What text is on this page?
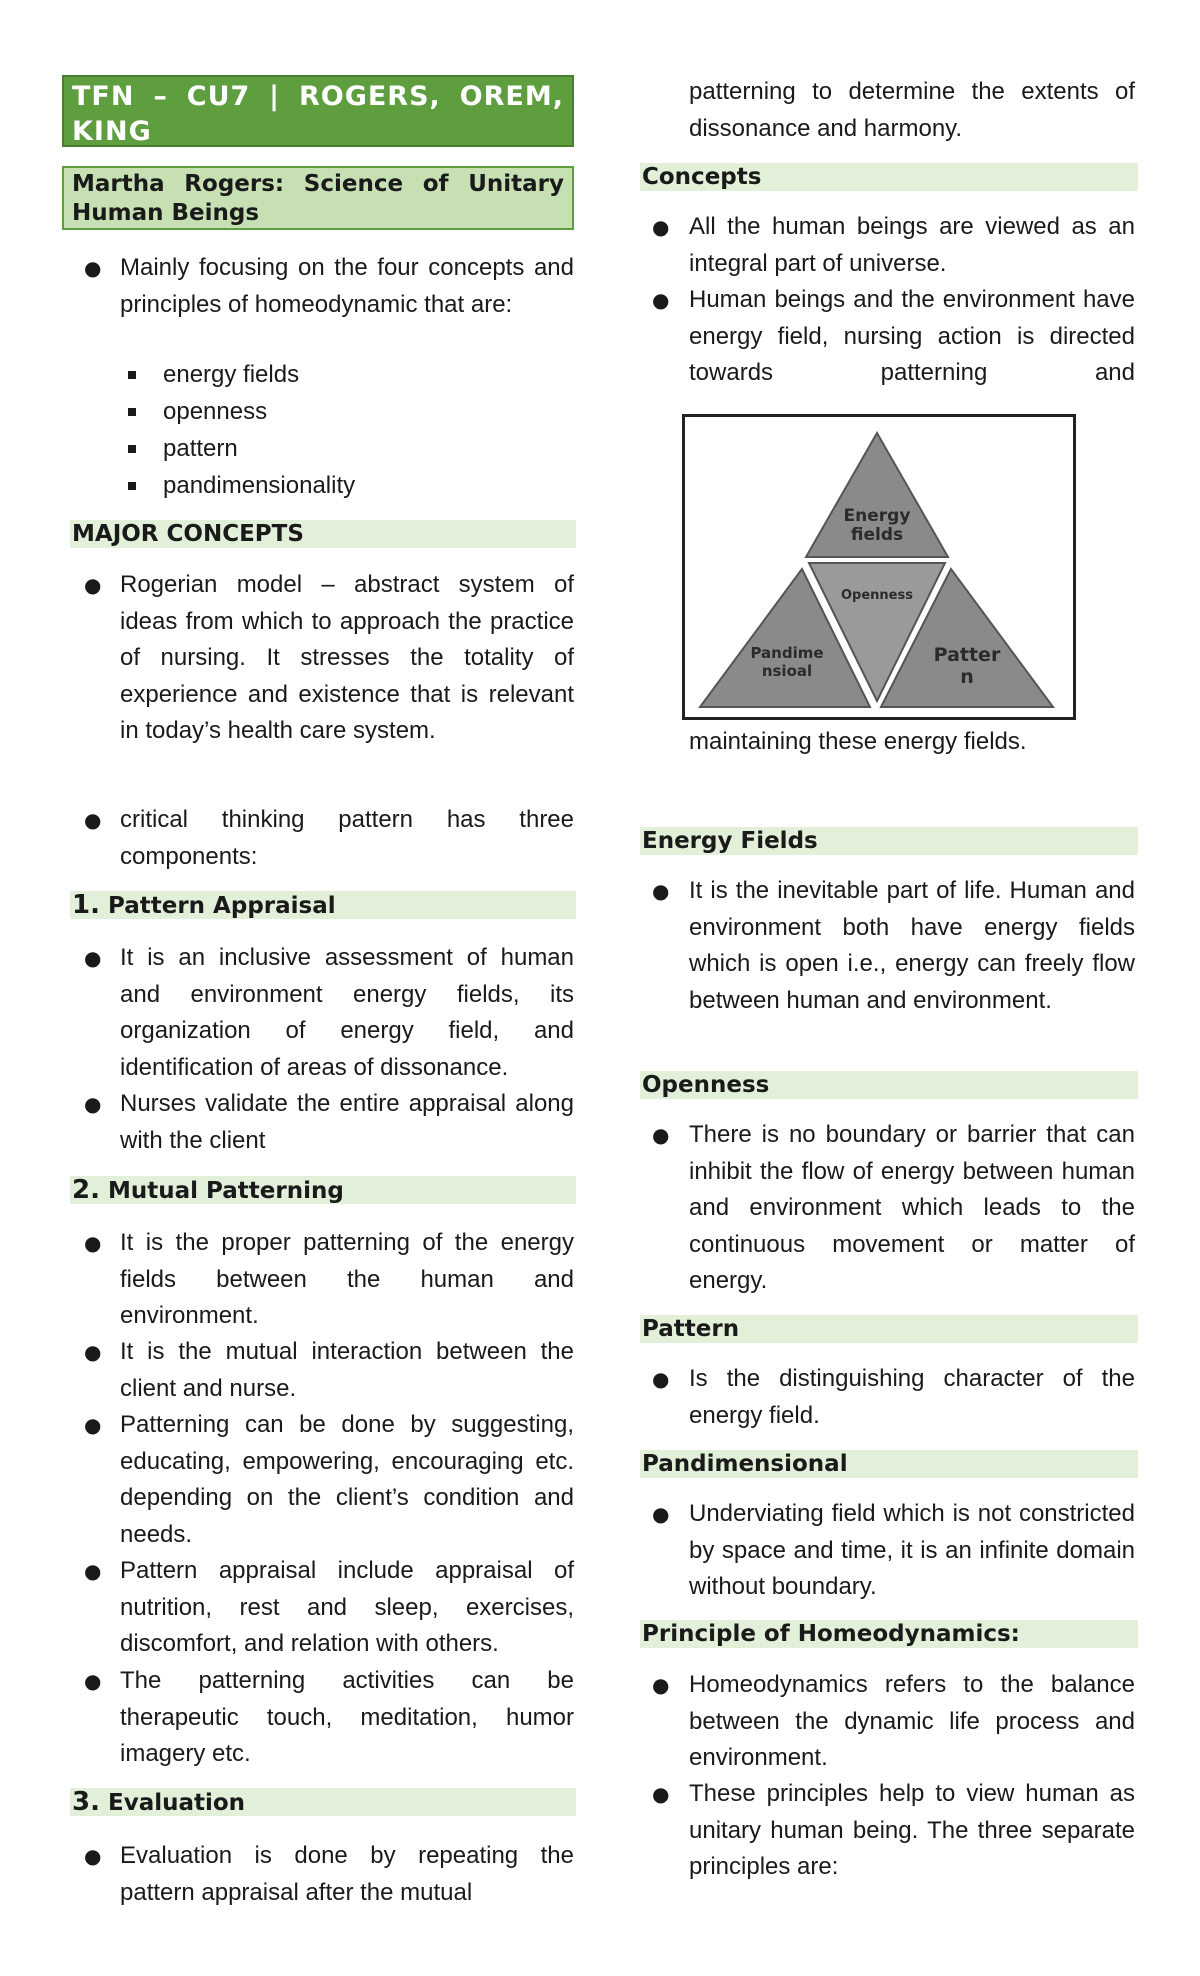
TFN – CU7 | ROGERS, OREM,
KING
Martha Rogers: Science of Unitary
Human Beings
● Mainly focusing on the four concepts and principles of homeodynamic that are:
energy fields
openness
pattern
pandimensionality
MAJOR CONCEPTS
● Rogerian model – abstract system of ideas from which to approach the practice of nursing. It stresses the totality of experience and existence that is relevant in today’s health care system.
● critical thinking pattern has three components:
1. Pattern Appraisal
● It is an inclusive assessment of human and environment energy fields, its organization of energy field, and identification of areas of dissonance.
● Nurses validate the entire appraisal along with the client
2. Mutual Patterning
● It is the proper patterning of the energy fields between the human and environment.
● It is the mutual interaction between the client and nurse.
● Patterning can be done by suggesting, educating, empowering, encouraging etc. depending on the client’s condition and needs.
● Pattern appraisal include appraisal of nutrition, rest and sleep, exercises, discomfort, and relation with others.
● The patterning activities can be therapeutic touch, meditation, humor imagery etc.
3. Evaluation
● Evaluation is done by repeating the pattern appraisal after the mutual
patterning to determine the extents of dissonance and harmony.
Concepts
● All the human beings are viewed as an integral part of universe.
● Human beings and the environment have energy field, nursing action is directed towards patterning and
Energy fields
Openness
Pandime nsioal
Patter n
maintaining these energy fields.
Energy Fields
● It is the inevitable part of life. Human and environment both have energy fields which is open i.e., energy can freely flow between human and environment.
Openness
● There is no boundary or barrier that can inhibit the flow of energy between human and environment which leads to the continuous movement or matter of energy.
Pattern
● Is the distinguishing character of the energy field.
Pandimensional
● Underviating field which is not constricted by space and time, it is an infinite domain without boundary.
Principle of Homeodynamics:
● Homeodynamics refers to the balance between the dynamic life process and environment.
● These principles help to view human as unitary human being. The three separate principles are:
